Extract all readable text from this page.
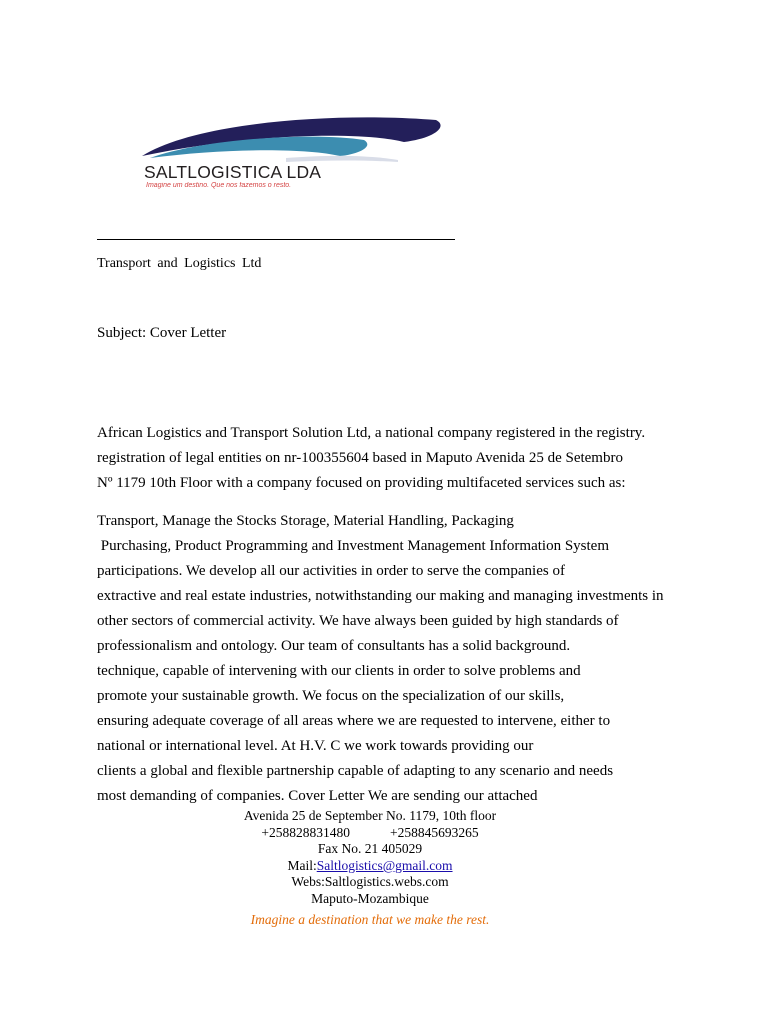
SALTLOGISTICA LDA
Imagine um destino. Que nos fazemos o resto.
Transport and Logistics Ltd
Subject: Cover Letter
African Logistics and Transport Solution Ltd, a national company registered in the registry.
registration of legal entities on nr-100355604 based in Maputo Avenida 25 de Setembro
Nº 1179 10th Floor with a company focused on providing multifaceted services such as:
Transport, Manage the Stocks Storage, Material Handling, Packaging
Purchasing, Product Programming and Investment Management Information System
participations. We develop all our activities in order to serve the companies of
extractive and real estate industries, notwithstanding our making and managing investments in
other sectors of commercial activity. We have always been guided by high standards of
professionalism and ontology. Our team of consultants has a solid background.
technique, capable of intervening with our clients in order to solve problems and
promote your sustainable growth. We focus on the specialization of our skills,
ensuring adequate coverage of all areas where we are requested to intervene, either to
national or international level. At H.V. C we work towards providing our
clients a global and flexible partnership capable of adapting to any scenario and needs
most demanding of companies. Cover Letter We are sending our attached
Avenida 25 de September No. 1179, 10th floor
+258828831480	+258845693265
Fax No. 21 405029
Mail:Saltlogistics@gmail.com
Webs:Saltlogistics.webs.com
Maputo-Mozambique
Imagine a destination that we make the rest.
